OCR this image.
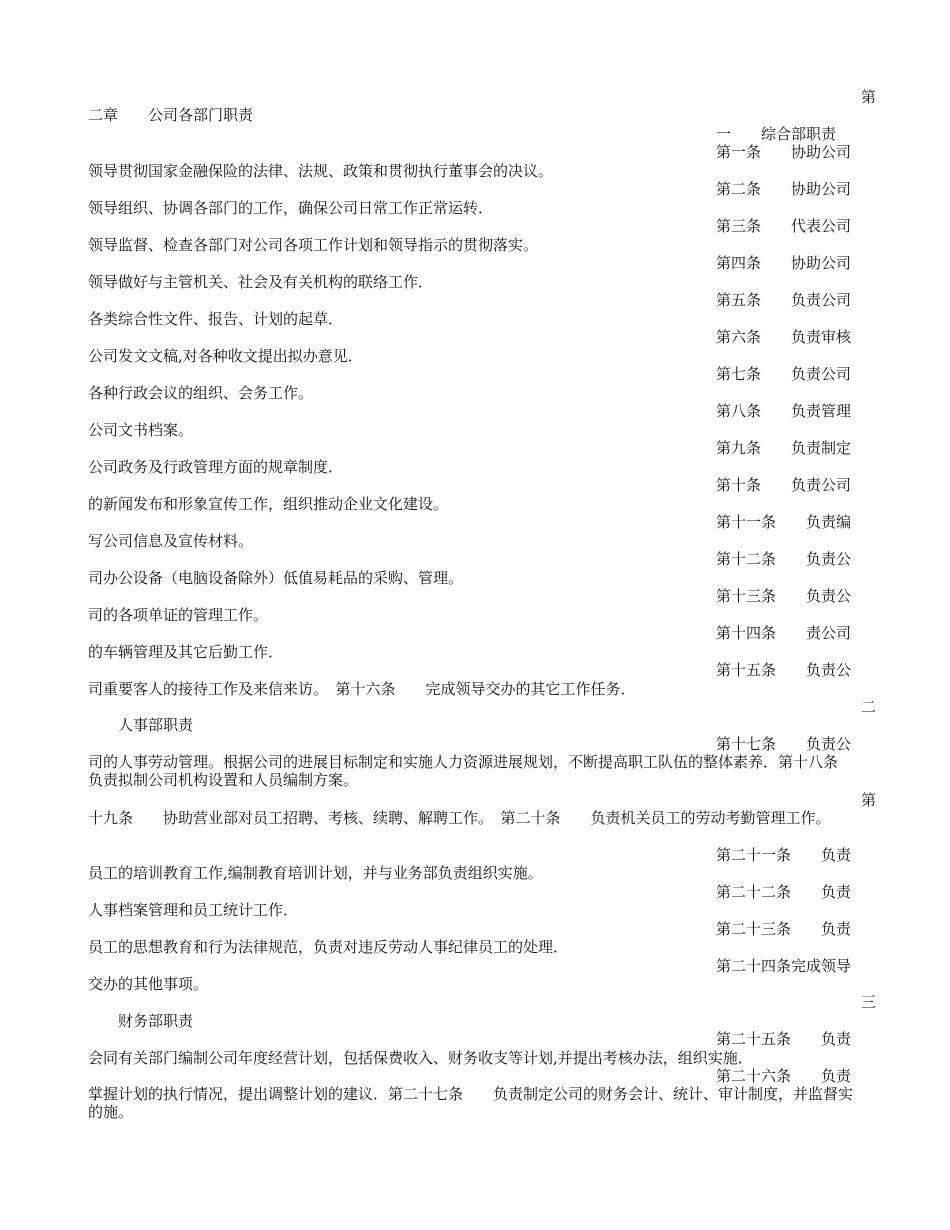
第
二章　　公司各部门职责
一　　综合部职责
第一条　　协助公司
第二条　　协助公司
第三条　　代表公司
第四条　　协助公司
第五条　　负责公司
第六条　　负责审核
第七条　　负责公司
第八条　　负责管理
第九条　　负责制定
第十条　　负责公司
第十一条　　负责编
第十二条　　负责公
第十三条　　负责公
第十四条　　责公司
第十五条　　负责公
领导贯彻国家金融保险的法律、法规、政策和贯彻执行董事会的决议。
领导组织、协调各部门的工作，确保公司日常工作正常运转．
领导监督、检查各部门对公司各项工作计划和领导指示的贯彻落实。
领导做好与主管机关、社会及有关机构的联络工作．
各类综合性文件、报告、计划的起草．
公司发文文稿,对各种收文提出拟办意见．
各种行政会议的组织、会务工作。
公司文书档案。
公司政务及行政管理方面的规章制度．
的新闻发布和形象宣传工作，组织推动企业文化建设。
写公司信息及宣传材料。
司办公设备（电脑设备除外）低值易耗品的采购、管理。
司的各项单证的管理工作。
的车辆管理及其它后勤工作．
司重要客人的接待工作及来信来访。　第十六条　　完成领导交办的其它工作任务．
二
人事部职责
第十七条　　负责公
司的人事劳动管理。根据公司的进展目标制定和实施人力资源进展规划，不断提高职工队伍的整体素养．第十八条　　负责拟制公司机构设置和人员编制方案。
第
十九条　　协助营业部对员工招聘、考核、续聘、解聘工作。　第二十条　　负责机关员工的劳动考勤管理工作。
第二十一条　　负责
员工的培训教育工作,编制教育培训计划，并与业务部负责组织实施。
第二十二条　　负责
人事档案管理和员工统计工作．
第二十三条　　负责
员工的思想教育和行为法律规范，负责对违反劳动人事纪律员工的处理．
第二十四条完成领导
交办的其他事项。
三
财务部职责
第二十五条　　负责
会同有关部门编制公司年度经营计划，包括保费收入、财务收支等计划,并提出考核办法，组织实施．
第二十六条　　负责
掌握计划的执行情况，提出调整计划的建议．第二十七条　　负责制定公司的财务会计、统计、审计制度，并监督实的施。
